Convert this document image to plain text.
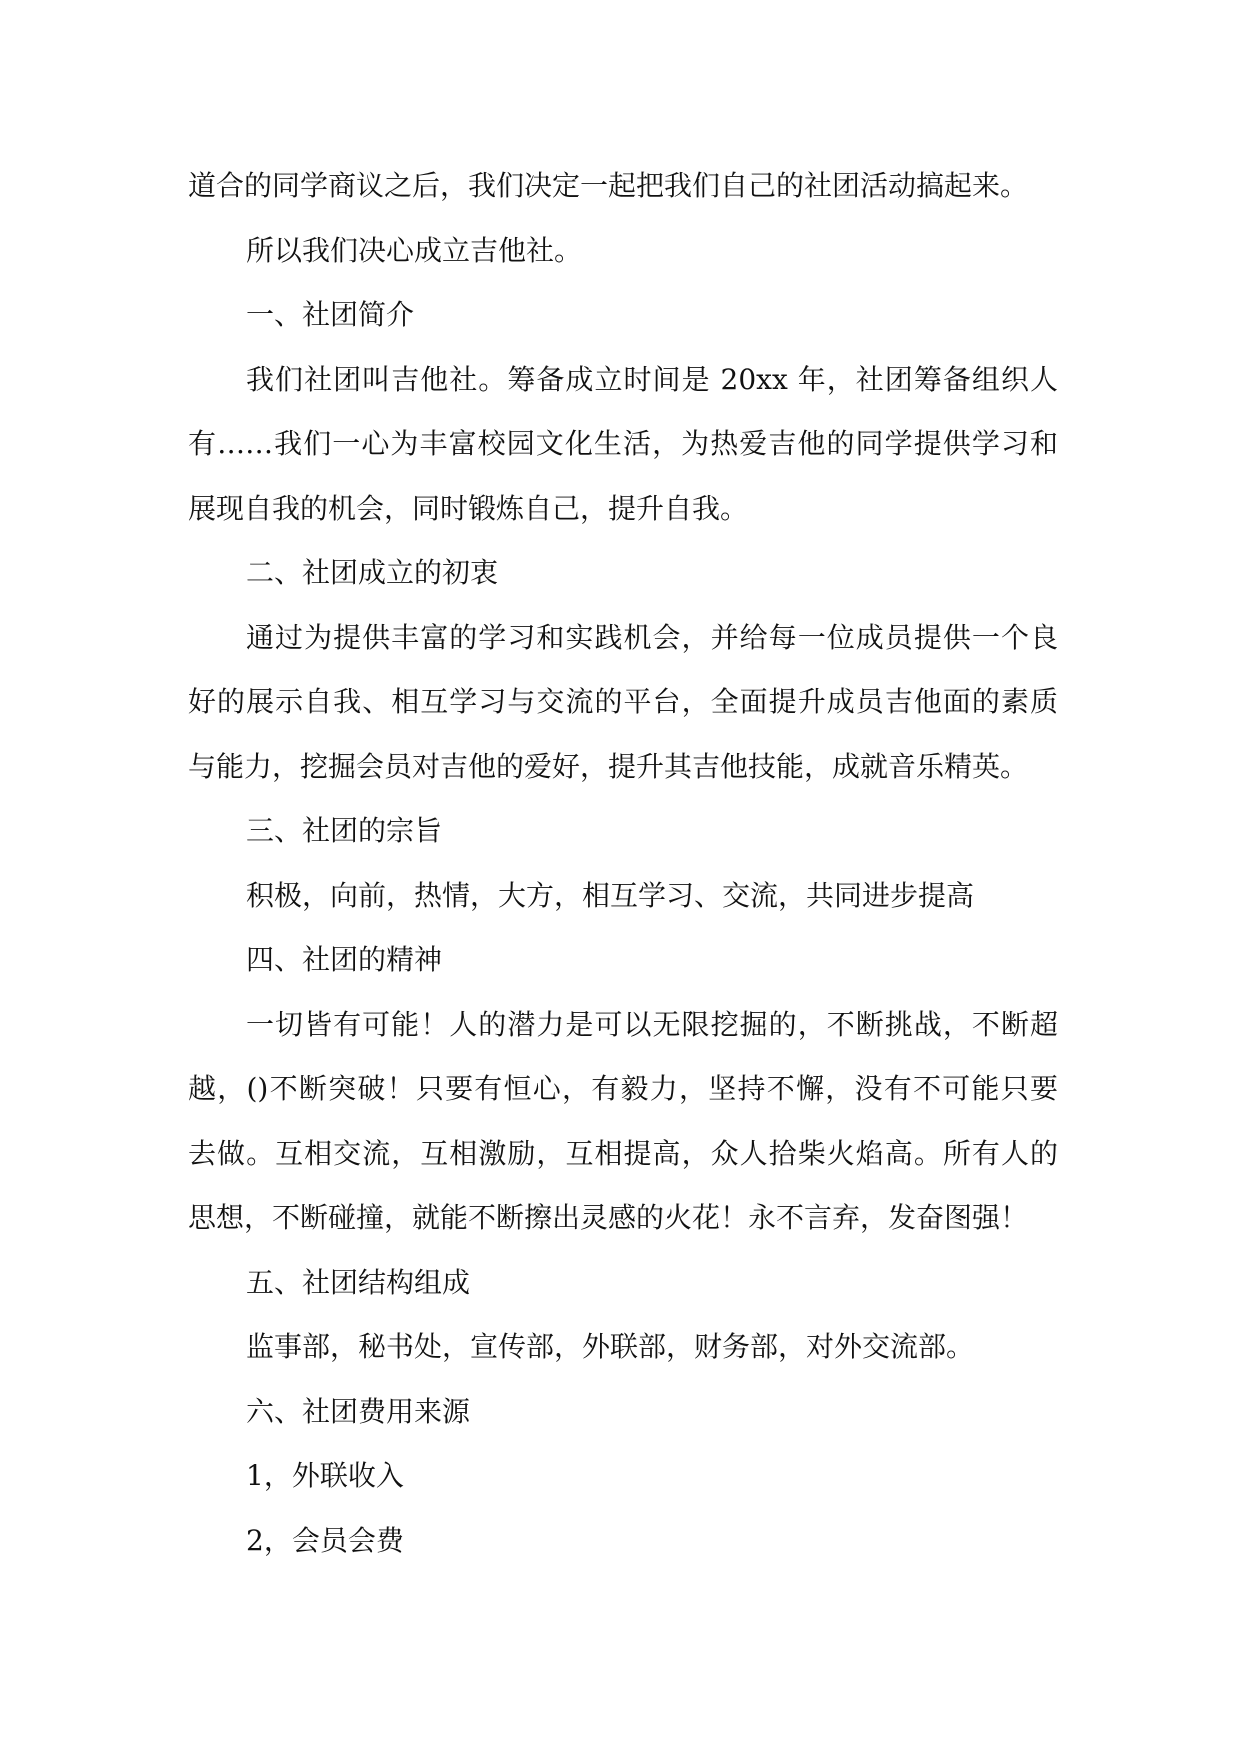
道合的同学商议之后，我们决定一起把我们自己的社团活动搞起来。
所以我们决心成立吉他社。
一、社团简介
我们社团叫吉他社。筹备成立时间是 20xx 年，社团筹备组织人
有……我们一心为丰富校园文化生活，为热爱吉他的同学提供学习和
展现自我的机会，同时锻炼自己，提升自我。
二、社团成立的初衷
通过为提供丰富的学习和实践机会，并给每一位成员提供一个良
好的展示自我、相互学习与交流的平台，全面提升成员吉他面的素质
与能力，挖掘会员对吉他的爱好，提升其吉他技能，成就音乐精英。
三、社团的宗旨
积极，向前，热情，大方，相互学习、交流，共同进步提高
四、社团的精神
一切皆有可能！人的潜力是可以无限挖掘的，不断挑战，不断超
越，()不断突破！只要有恒心，有毅力，坚持不懈，没有不可能只要
去做。互相交流，互相激励，互相提高，众人拾柴火焰高。所有人的
思想，不断碰撞，就能不断擦出灵感的火花！永不言弃，发奋图强！
五、社团结构组成
监事部，秘书处，宣传部，外联部，财务部，对外交流部。
六、社团费用来源
1，外联收入
2，会员会费
